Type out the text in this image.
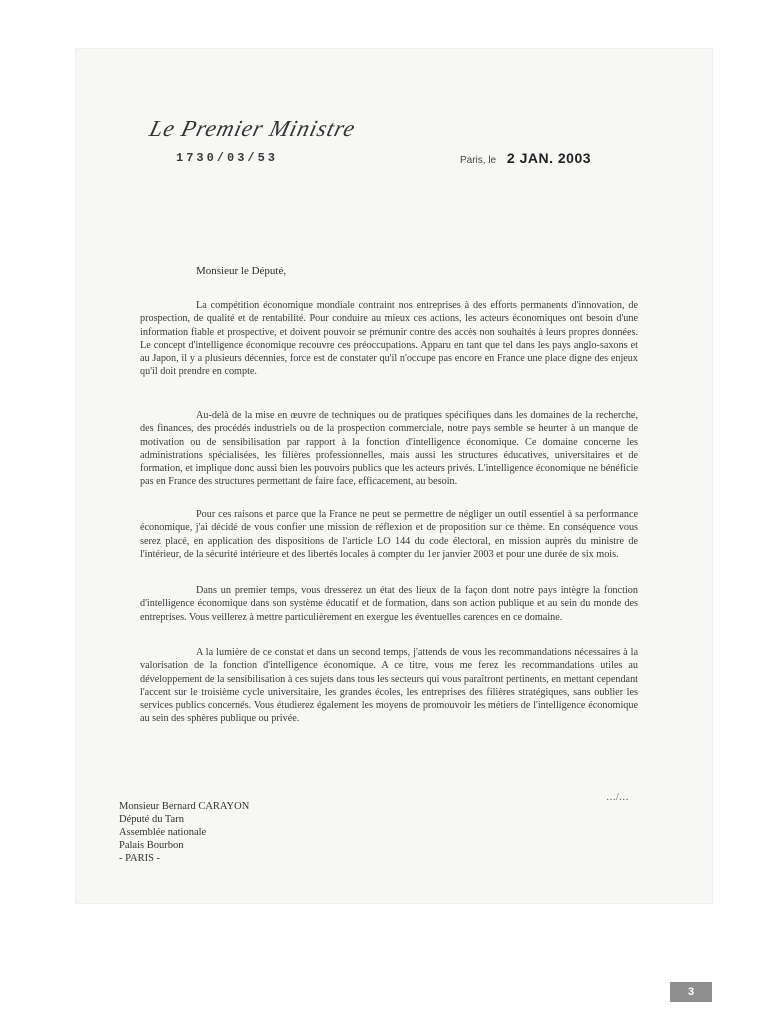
Le Premier Ministre
1730/03/53	Paris, le 2 JAN. 2003
Monsieur le Député,

La compétition économique mondiale contraint nos entreprises à des efforts permanents d'innovation, de prospection, de qualité et de rentabilité. Pour conduire au mieux ces actions, les acteurs économiques ont besoin d'une information fiable et prospective, et doivent pouvoir se prémunir contre des accès non souhaités à leurs propres données. Le concept d'intelligence économique recouvre ces préoccupations. Apparu en tant que tel dans les pays anglo-saxons et au Japon, il y a plusieurs décennies, force est de constater qu'il n'occupe pas encore en France une place digne des enjeux qu'il doit prendre en compte.

Au-delà de la mise en œuvre de techniques ou de pratiques spécifiques dans les domaines de la recherche, des finances, des procédés industriels ou de la prospection commerciale, notre pays semble se heurter à un manque de motivation ou de sensibilisation par rapport à la fonction d'intelligence économique. Ce domaine concerne les administrations spécialisées, les filières professionnelles, mais aussi les structures éducatives, universitaires et de formation, et implique donc aussi bien les pouvoirs publics que les acteurs privés. L'intelligence économique ne bénéficie pas en France des structures permettant de faire face, efficacement, au besoin.

Pour ces raisons et parce que la France ne peut se permettre de négliger un outil essentiel à sa performance économique, j'ai décidé de vous confier une mission de réflexion et de proposition sur ce thème. En conséquence vous serez placé, en application des dispositions de l'article LO 144 du code électoral, en mission auprès du ministre de l'intérieur, de la sécurité intérieure et des libertés locales à compter du 1er janvier 2003 et pour une durée de six mois.

Dans un premier temps, vous dresserez un état des lieux de la façon dont notre pays intègre la fonction d'intelligence économique dans son système éducatif et de formation, dans son action publique et au sein du monde des entreprises. Vous veillerez à mettre particulièrement en exergue les éventuelles carences en ce domaine.

A la lumière de ce constat et dans un second temps, j'attends de vous les recommandations nécessaires à la valorisation de la fonction d'intelligence économique. A ce titre, vous me ferez les recommandations utiles au développement de la sensibilisation à ces sujets dans tous les secteurs qui vous paraîtront pertinents, en mettant cependant l'accent sur le troisième cycle universitaire, les grandes écoles, les entreprises des filières stratégiques, sans oublier les services publics concernés. Vous étudierez également les moyens de promouvoir les métiers de l'intelligence économique au sein des sphères publique ou privée.

…/…
Monsieur Bernard CARAYON
Député du Tarn
Assemblée nationale
Palais Bourbon
- PARIS -
3
